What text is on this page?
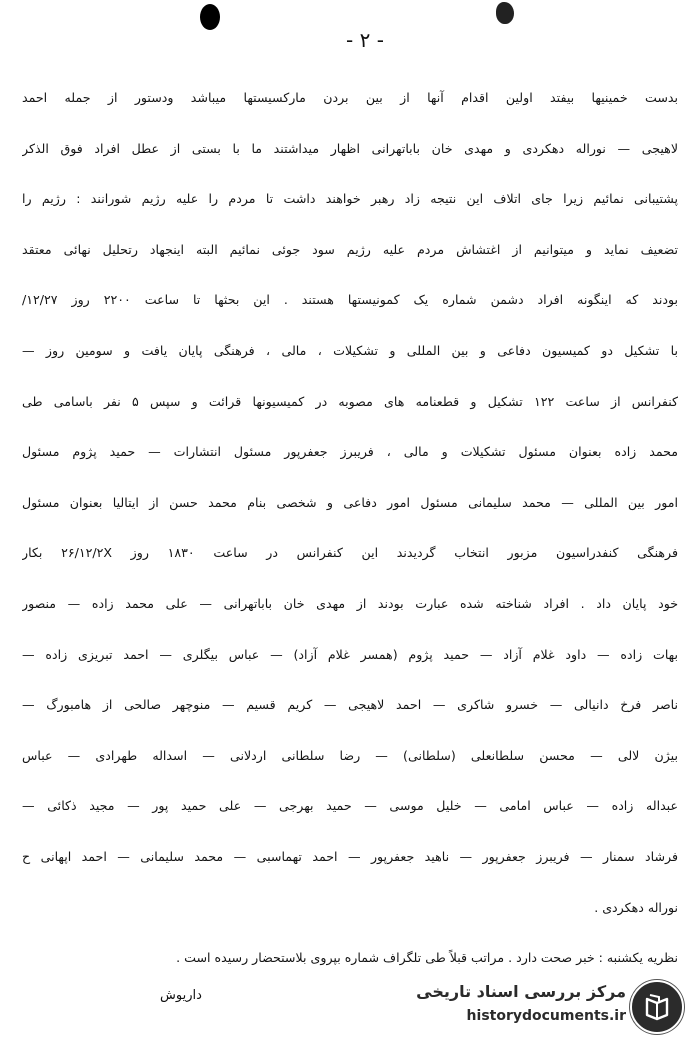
- ۲ -
بدست خمینیها بیفتد اولین اقدام آنها از بین بردن مارکسیستها میباشد ودستور از جمله احمد
لاهیجی — نوراله دهکردی و مهدی خان باباتهرانی اظهار میداشتند ما با بستی از عطل افراد فوق الذکر
پشتیبانی نمائیم زیرا جای اتلاف این نتیجه زاد رهبر خواهند داشت تا مردم را علیه رژیم شورانند : رژیم را
تضعیف نماید و میتوانیم از اغتشاش مردم علیه رژیم سود جوئی نمائیم البته اینجهاد رتحلیل نهائی معتقد
بودند که اینگونه افراد دشمن شماره یک کمونیستها هستند . این بحثها تا ساعت ۲۲۰۰ روز ۱۲/۲۷/
با تشکیل دو کمیسیون دفاعی و بین المللی و تشکیلات ، مالی ، فرهنگی پایان یافت و سومین روز —
کنفرانس از ساعت ۱۲۲ تشکیل و قطعنامه های مصوبه در کمیسیونها قرائت و سپس ۵ نفر باسامی طی
محمد زاده بعنوان مسئول تشکیلات و مالی ، فریبرز جعفرپور مسئول انتشارات — حمید پژوم مسئول
امور بین المللی — محمد سلیمانی مسئول امور دفاعی و شخصی بنام محمد حسن از ایتالیا بعنوان مسئول
فرهنگی کنفدراسیون مزبور انتخاب گردیدند این کنفرانس در ساعت ۱۸۳۰ روز ۲۶/۱۲/۲X بکار
خود پایان داد . افراد شناخته شده عبارت بودند از مهدی خان باباتهرانی — علی محمد زاده — منصور
بهات زاده — داود غلام آزاد — حمید پژوم (همسر غلام آزاد) — عباس بیگلری — احمد تبریزی زاده —
ناصر فرخ دانیالی — خسرو شاکری — احمد لاهیجی — کریم قسیم — منوچهر صالحی از هامبورگ —
بیژن لالی — محسن سلطانعلی (سلطانی) — رضا سلطانی اردلانی — اسداله طهرادی — عباس
عبداله زاده — عباس امامی — خلیل موسی — حمید بهرجی — علی حمید پور — مجید ذکائی —
فرشاد سمنار — فریبرز جعفرپور — ناهید جعفرپور — احمد تهماسبی — محمد سلیمانی — احمد اپهانی ح
نوراله دهکردی .
نظریه یکشنبه : خبر صحت دارد . مراتب قبلاً طی تلگراف شماره بپروی بلاستحضار رسیده است .
داریوش	مرکز بررسی اسناد تاریخی
historydocuments.ir
